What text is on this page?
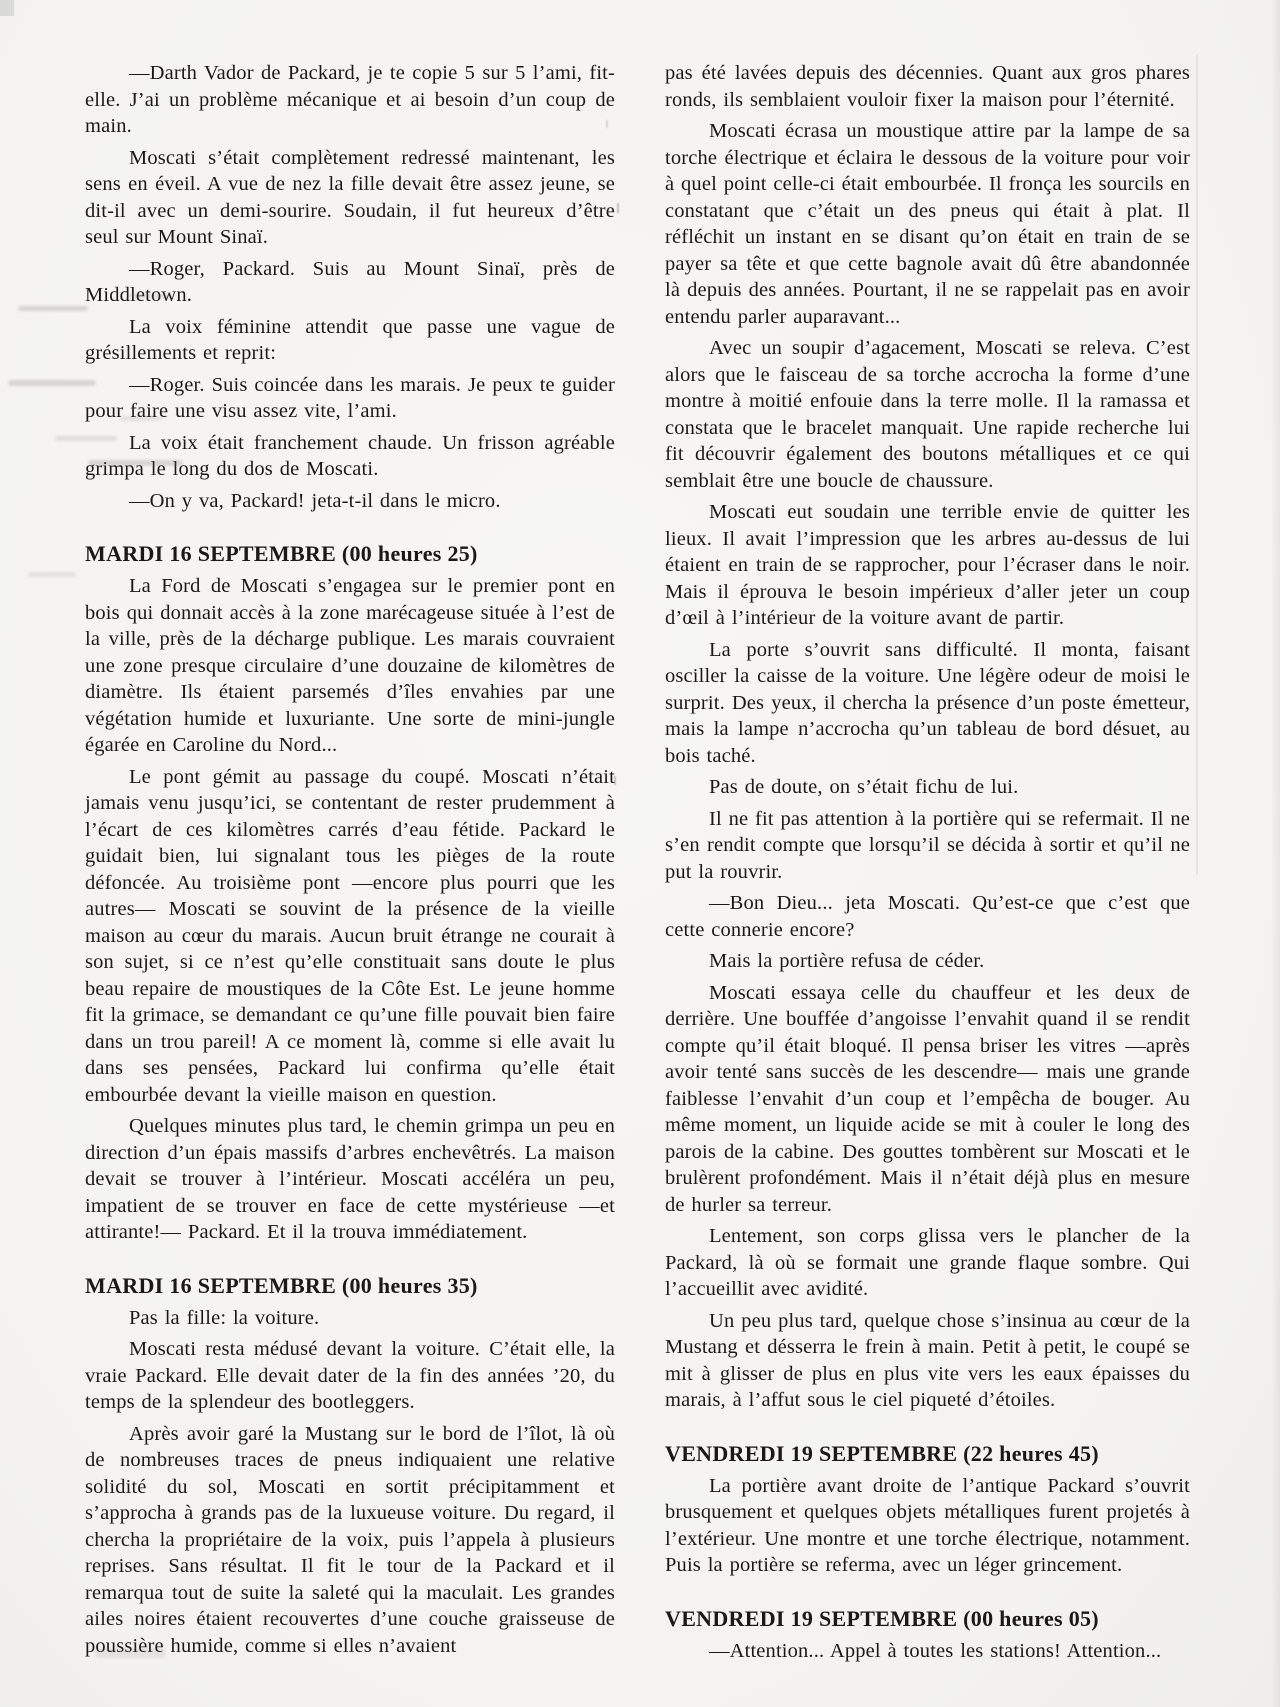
—Darth Vador de Packard, je te copie 5 sur 5 l’ami, fit-elle. J’ai un problème mécanique et ai besoin d’un coup de main.

Moscati s’était complètement redressé maintenant, les sens en éveil. A vue de nez la fille devait être assez jeune, se dit-il avec un demi-sourire. Soudain, il fut heureux d’être seul sur Mount Sinaï.

—Roger, Packard. Suis au Mount Sinaï, près de Middletown.

La voix féminine attendit que passe une vague de grésillements et reprit:

—Roger. Suis coincée dans les marais. Je peux te guider pour faire une visu assez vite, l’ami.

La voix était franchement chaude. Un frisson agréable grimpa le long du dos de Moscati.

—On y va, Packard! jeta-t-il dans le micro.

MARDI 16 SEPTEMBRE (00 heures 25)

La Ford de Moscati s’engagea sur le premier pont en bois qui donnait accès à la zone marécageuse située à l’est de la ville, près de la décharge publique. Les marais couvraient une zone presque circulaire d’une douzaine de kilomètres de diamètre. Ils étaient parsemés d’îles envahies par une végétation humide et luxuriante. Une sorte de mini-jungle égarée en Caroline du Nord...

Le pont gémit au passage du coupé. Moscati n’était jamais venu jusqu’ici, se contentant de rester prudemment à l’écart de ces kilomètres carrés d’eau fétide. Packard le guidait bien, lui signalant tous les pièges de la route défoncée. Au troisième pont —encore plus pourri que les autres— Moscati se souvint de la présence de la vieille maison au cœur du marais. Aucun bruit étrange ne courait à son sujet, si ce n’est qu’elle constituait sans doute le plus beau repaire de moustiques de la Côte Est. Le jeune homme fit la grimace, se demandant ce qu’une fille pouvait bien faire dans un trou pareil! A ce moment là, comme si elle avait lu dans ses pensées, Packard lui confirma qu’elle était embourbée devant la vieille maison en question.

Quelques minutes plus tard, le chemin grimpa un peu en direction d’un épais massifs d’arbres enchevêtrés. La maison devait se trouver à l’intérieur. Moscati accéléra un peu, impatient de se trouver en face de cette mystérieuse —et attirante!— Packard. Et il la trouva immédiatement.

MARDI 16 SEPTEMBRE (00 heures 35)

Pas la fille: la voiture.

Moscati resta médusé devant la voiture. C’était elle, la vraie Packard. Elle devait dater de la fin des années ’20, du temps de la splendeur des bootleggers.

Après avoir garé la Mustang sur le bord de l’îlot, là où de nombreuses traces de pneus indiquaient une relative solidité du sol, Moscati en sortit précipitamment et s’approcha à grands pas de la luxueuse voiture. Du regard, il chercha la propriétaire de la voix, puis l’appela à plusieurs reprises. Sans résultat. Il fit le tour de la Packard et il remarqua tout de suite la saleté qui la maculait. Les grandes ailes noires étaient recouvertes d’une couche graisseuse de poussière humide, comme si elles n’avaient

pas été lavées depuis des décennies. Quant aux gros phares ronds, ils semblaient vouloir fixer la maison pour l’éternité.

Moscati écrasa un moustique attire par la lampe de sa torche électrique et éclaira le dessous de la voiture pour voir à quel point celle-ci était embourbée. Il fronça les sourcils en constatant que c’était un des pneus qui était à plat. Il réfléchit un instant en se disant qu’on était en train de se payer sa tête et que cette bagnole avait dû être abandonnée là depuis des années. Pourtant, il ne se rappelait pas en avoir entendu parler auparavant...

Avec un soupir d’agacement, Moscati se releva. C’est alors que le faisceau de sa torche accrocha la forme d’une montre à moitié enfouie dans la terre molle. Il la ramassa et constata que le bracelet manquait. Une rapide recherche lui fit découvrir également des boutons métalliques et ce qui semblait être une boucle de chaussure.

Moscati eut soudain une terrible envie de quitter les lieux. Il avait l’impression que les arbres au-dessus de lui étaient en train de se rapprocher, pour l’écraser dans le noir. Mais il éprouva le besoin impérieux d’aller jeter un coup d’œil à l’intérieur de la voiture avant de partir.

La porte s’ouvrit sans difficulté. Il monta, faisant osciller la caisse de la voiture. Une légère odeur de moisi le surprit. Des yeux, il chercha la présence d’un poste émetteur, mais la lampe n’accrocha qu’un tableau de bord désuet, au bois taché.

Pas de doute, on s’était fichu de lui.

Il ne fit pas attention à la portière qui se refermait. Il ne s’en rendit compte que lorsqu’il se décida à sortir et qu’il ne put la rouvrir.

—Bon Dieu... jeta Moscati. Qu’est-ce que c’est que cette connerie encore?

Mais la portière refusa de céder.

Moscati essaya celle du chauffeur et les deux de derrière. Une bouffée d’angoisse l’envahit quand il se rendit compte qu’il était bloqué. Il pensa briser les vitres —après avoir tenté sans succès de les descendre— mais une grande faiblesse l’envahit d’un coup et l’empêcha de bouger. Au même moment, un liquide acide se mit à couler le long des parois de la cabine. Des gouttes tombèrent sur Moscati et le brulèrent profondément. Mais il n’était déjà plus en mesure de hurler sa terreur.

Lentement, son corps glissa vers le plancher de la Packard, là où se formait une grande flaque sombre. Qui l’accueillit avec avidité.

Un peu plus tard, quelque chose s’insinua au cœur de la Mustang et désserra le frein à main. Petit à petit, le coupé se mit à glisser de plus en plus vite vers les eaux épaisses du marais, à l’affut sous le ciel piqueté d’étoiles.

VENDREDI 19 SEPTEMBRE (22 heures 45)

La portière avant droite de l’antique Packard s’ouvrit brusquement et quelques objets métalliques furent projetés à l’extérieur. Une montre et une torche électrique, notamment. Puis la portière se referma, avec un léger grincement.

VENDREDI 19 SEPTEMBRE (00 heures 05)

—Attention... Appel à toutes les stations! Attention...
